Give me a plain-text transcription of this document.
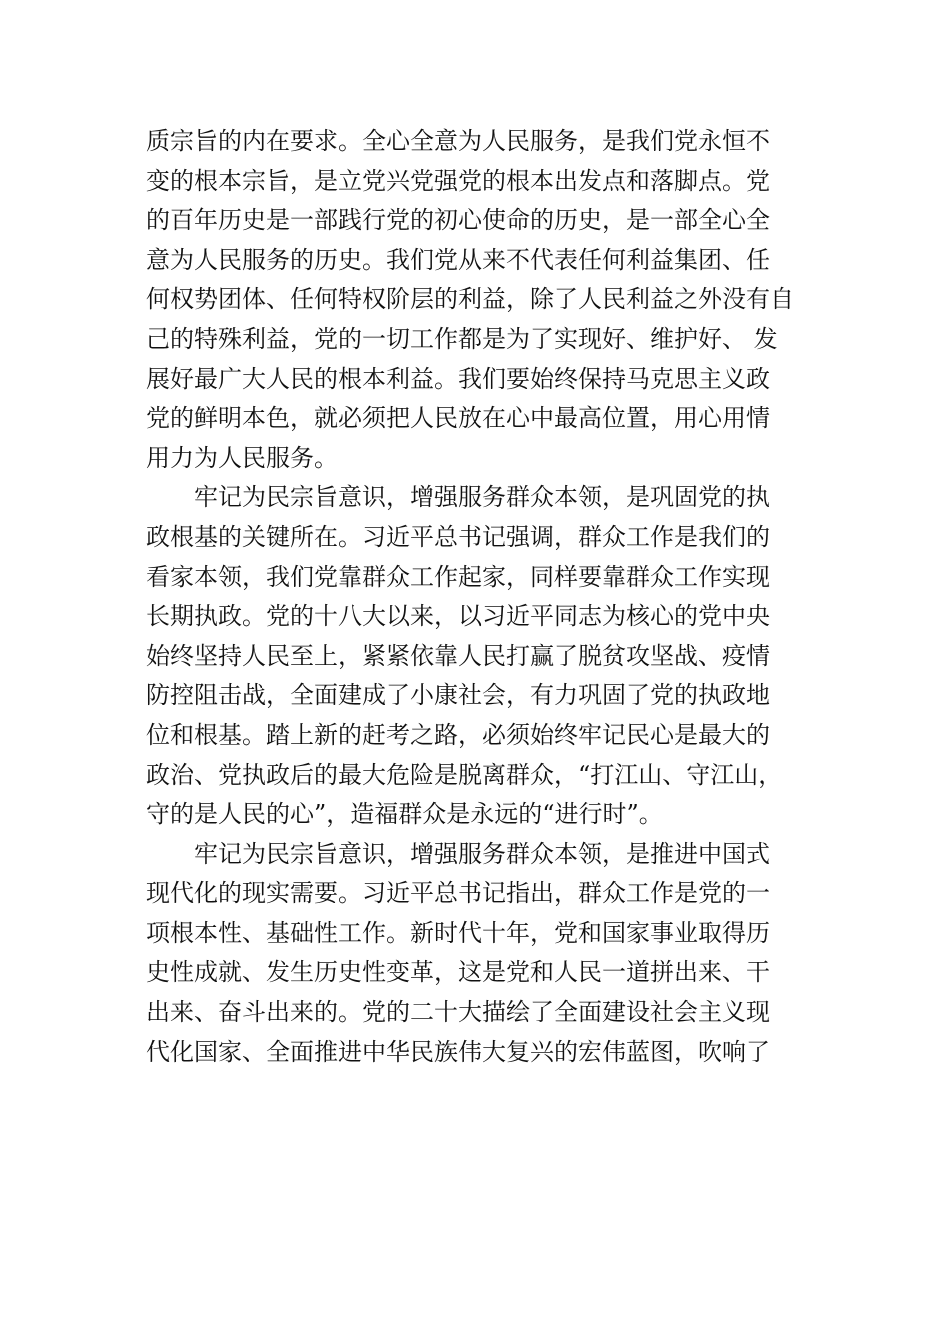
质宗旨的内在要求。全心全意为人民服务，是我们党永恒不
变的根本宗旨，是立党兴党强党的根本出发点和落脚点。党
的百年历史是一部践行党的初心使命的历史，是一部全心全
意为人民服务的历史。我们党从来不代表任何利益集团、任
何权势团体、任何特权阶层的利益，除了人民利益之外没有自
己的特殊利益，党的一切工作都是为了实现好、维护好、 发
展好最广大人民的根本利益。我们要始终保持马克思主义政
党的鲜明本色，就必须把人民放在心中最高位置，用心用情
用力为人民服务。
牢记为民宗旨意识，增强服务群众本领，是巩固党的执
政根基的关键所在。习近平总书记强调，群众工作是我们的
看家本领，我们党靠群众工作起家，同样要靠群众工作实现
长期执政。党的十八大以来，以习近平同志为核心的党中央
始终坚持人民至上，紧紧依靠人民打赢了脱贫攻坚战、疫情
防控阻击战，全面建成了小康社会，有力巩固了党的执政地
位和根基。踏上新的赶考之路，必须始终牢记民心是最大的
政治、党执政后的最大危险是脱离群众，“打江山、守江山，
守的是人民的心”，造福群众是永远的“进行时”。
牢记为民宗旨意识，增强服务群众本领，是推进中国式
现代化的现实需要。习近平总书记指出，群众工作是党的一
项根本性、基础性工作。新时代十年，党和国家事业取得历
史性成就、发生历史性变革，这是党和人民一道拼出来、干
出来、奋斗出来的。党的二十大描绘了全面建设社会主义现
代化国家、全面推进中华民族伟大复兴的宏伟蓝图，吹响了
